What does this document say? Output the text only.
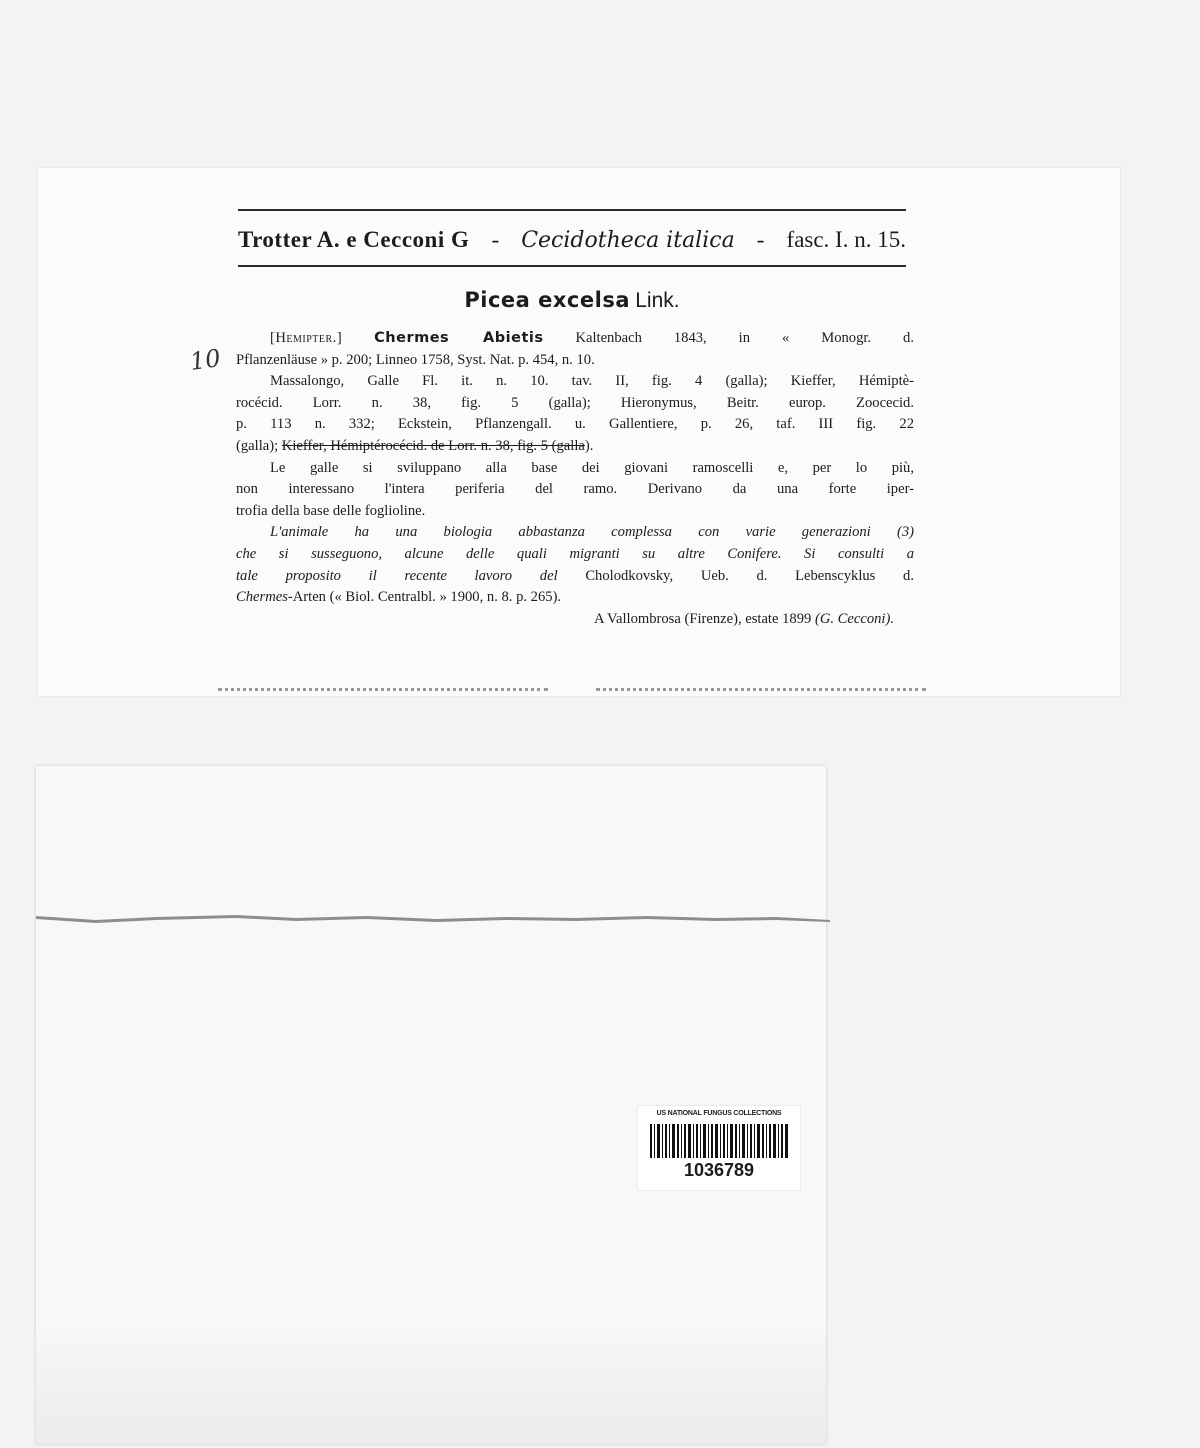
Trotter A. e Cecconi G - Cecidotheca italica - fasc. I. n. 15.
Picea excelsa Link.
10

[Hemipter.] Chermes Abietis Kaltenbach 1843, in « Monogr. d.

Pflanzenläuse » p. 200; Linneo 1758, Syst. Nat. p. 454, n. 10.

Massalongo, Galle Fl. it. n. 10. tav. II, fig. 4 (galla); Kieffer, Hémiptè-

rocécid. Lorr. n. 38, fig. 5 (galla); Hieronymus, Beitr. europ. Zoocecid.

p. 113 n. 332; Eckstein, Pflanzengall. u. Gallentiere, p. 26, taf. III fig. 22

(galla); Kieffer, Hémiptérocécid. de Lorr. n. 38, fig. 5 (galla).

Le galle si sviluppano alla base dei giovani ramoscelli e, per lo più,

non interessano l'intera periferia del ramo. Derivano da una forte iper-

trofia della base delle foglioline.

L'animale ha una biologia abbastanza complessa con varie generazioni (3)

che si susseguono, alcune delle quali migranti su altre Conifere. Si consulti a

tale proposito il recente lavoro del Cholodkovsky, Ueb. d. Lebenscyklus d.

Chermes-Arten (« Biol. Centralbl. » 1900, n. 8. p. 265).

A Vallombrosa (Firenze), estate 1899 (G. Cecconi).

US NATIONAL FUNGUS COLLECTIONS
1036789
